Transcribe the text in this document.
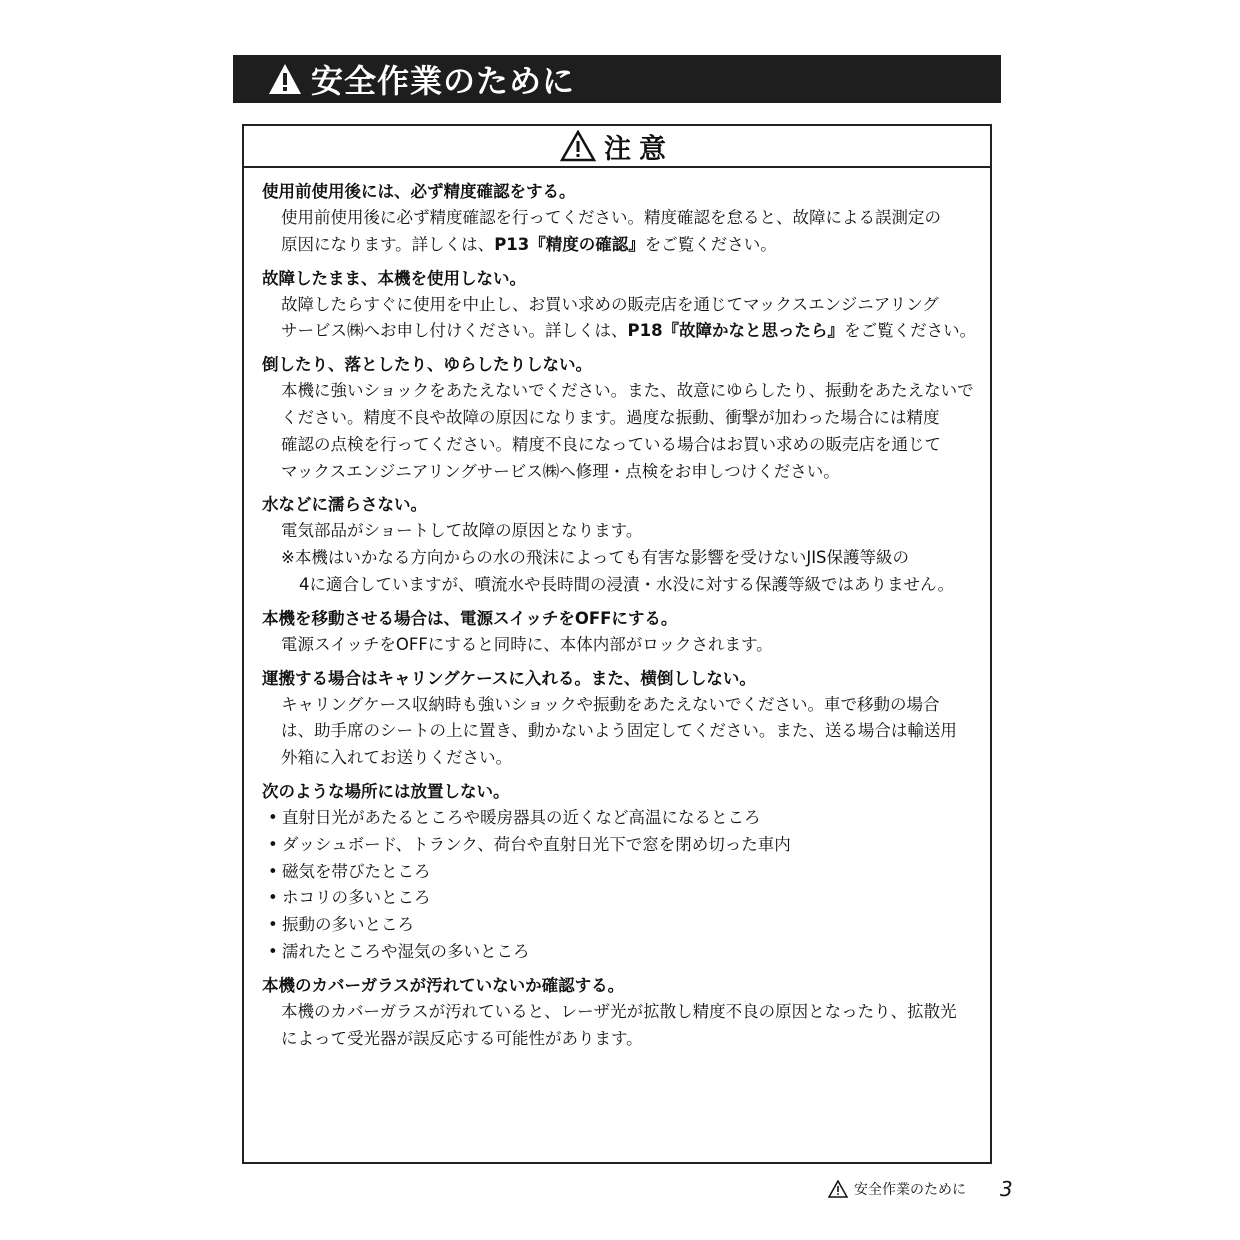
安全作業のために
注意
使用前使用後には、必ず精度確認をする。
使用前使用後に必ず精度確認を行ってください。精度確認を怠ると、故障による誤測定の
原因になります。詳しくは、P13『精度の確認』をご覧ください。
故障したまま、本機を使用しない。
故障したらすぐに使用を中止し、お買い求めの販売店を通じてマックスエンジニアリング
サービス㈱へお申し付けください。詳しくは、P18『故障かなと思ったら』をご覧ください。
倒したり、落としたり、ゆらしたりしない。
本機に強いショックをあたえないでください。また、故意にゆらしたり、振動をあたえないで
ください。精度不良や故障の原因になります。過度な振動、衝撃が加わった場合には精度
確認の点検を行ってください。精度不良になっている場合はお買い求めの販売店を通じて
マックスエンジニアリングサービス㈱へ修理・点検をお申しつけください。
水などに濡らさない。
電気部品がショートして故障の原因となります。
※本機はいかなる方向からの水の飛沫によっても有害な影響を受けないJIS保護等級の
4に適合していますが、噴流水や長時間の浸漬・水没に対する保護等級ではありません。
本機を移動させる場合は、電源スイッチをOFFにする。
電源スイッチをOFFにすると同時に、本体内部がロックされます。
運搬する場合はキャリングケースに入れる。また、横倒ししない。
キャリングケース収納時も強いショックや振動をあたえないでください。車で移動の場合
は、助手席のシートの上に置き、動かないよう固定してください。また、送る場合は輸送用
外箱に入れてお送りください。
次のような場所には放置しない。
• 直射日光があたるところや暖房器具の近くなど高温になるところ
• ダッシュボード、トランク、荷台や直射日光下で窓を閉め切った車内
• 磁気を帯びたところ
• ホコリの多いところ
• 振動の多いところ
• 濡れたところや湿気の多いところ
本機のカバーガラスが汚れていないか確認する。
本機のカバーガラスが汚れていると、レーザ光が拡散し精度不良の原因となったり、拡散光
によって受光器が誤反応する可能性があります。
安全作業のために 3
